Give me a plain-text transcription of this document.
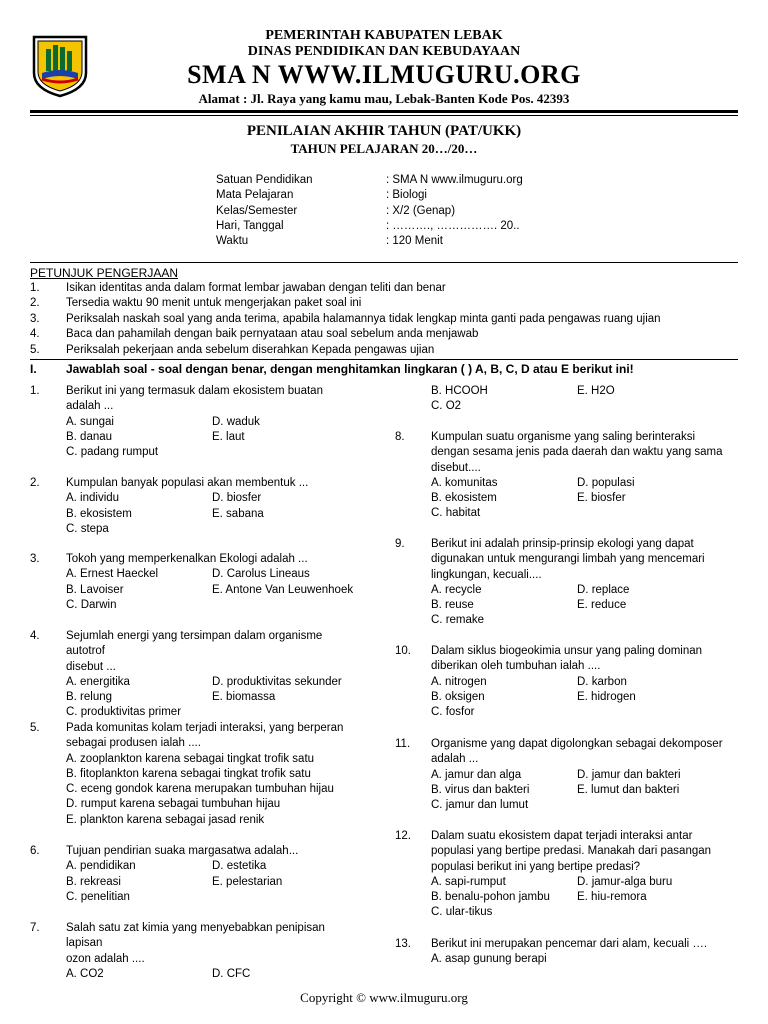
PEMERINTAH KABUPATEN LEBAK
DINAS PENDIDIKAN DAN KEBUDAYAAN
SMA N WWW.ILMUGURU.ORG
Alamat : Jl. Raya yang kamu mau, Lebak-Banten Kode Pos. 42393
PENILAIAN AKHIR TAHUN (PAT/UKK)
TAHUN PELAJARAN 20…/20…
Satuan Pendidikan	: SMA N www.ilmuguru.org
Mata Pelajaran	: Biologi
Kelas/Semester	: X/2 (Genap)
Hari, Tanggal	: ………., ……………. 20..
Waktu	: 120 Menit
PETUNJUK PENGERJAAN
1. Isikan identitas anda dalam format lembar jawaban dengan teliti dan benar
2. Tersedia waktu 90 menit untuk mengerjakan paket soal ini
3. Periksalah naskah soal yang anda terima, apabila halamannya tidak lengkap minta ganti pada pengawas ruang ujian
4. Baca dan pahamilah dengan baik pernyataan atau soal sebelum anda menjawab
5. Periksalah pekerjaan anda sebelum diserahkan Kepada pengawas ujian
I. Jawablah soal - soal dengan benar, dengan menghitamkan lingkaran ( ) A, B, C, D atau E berikut ini!
1. Berikut ini yang termasuk dalam ekosistem buatan
adalah ...
A. sungai	D. waduk
B. danau	E. laut
C. padang rumput
2. Kumpulan banyak populasi akan membentuk ...
A. individu	D. biosfer
B. ekosistem	E. sabana
C. stepa
3. Tokoh yang memperkenalkan Ekologi adalah ...
A. Ernest Haeckel	D. Carolus Lineaus
B. Lavoiser	E. Antone Van Leuwenhoek
C. Darwin
4. Sejumlah energi yang tersimpan dalam organisme autotrof
disebut ...
A. energitika	D. produktivitas sekunder
B. relung	E. biomassa
C. produktivitas primer
5. Pada komunitas kolam terjadi interaksi, yang berperan
sebagai produsen ialah ....
A. zooplankton karena sebagai tingkat trofik satu
B. fitoplankton karena sebagai tingkat trofik satu
C. eceng gondok karena merupakan tumbuhan hijau
D. rumput karena sebagai tumbuhan hijau
E. plankton karena sebagai jasad renik
6. Tujuan pendirian suaka margasatwa adalah...
A. pendidikan	D. estetika
B. rekreasi	E. pelestarian
C. penelitian
7. Salah satu zat kimia yang menyebabkan penipisan lapisan
ozon adalah ....
A. CO2	D. CFC
B. HCOOH	E. H2O
C. O2
8. Kumpulan suatu organisme yang saling berinteraksi
dengan sesama jenis pada daerah dan waktu yang sama
disebut....
A. komunitas	D. populasi
B. ekosistem	E. biosfer
C. habitat
9. Berikut ini adalah prinsip-prinsip ekologi yang dapat
digunakan untuk mengurangi limbah yang mencemari
lingkungan, kecuali....
A. recycle	D. replace
B. reuse	E. reduce
C. remake
10. Dalam siklus biogeokimia unsur yang paling dominan
diberikan oleh tumbuhan ialah ....
A. nitrogen	D. karbon
B. oksigen	E. hidrogen
C. fosfor
11. Organisme yang dapat digolongkan sebagai dekomposer
adalah ...
A. jamur dan alga	D. jamur dan bakteri
B. virus dan bakteri	E. lumut dan bakteri
C. jamur dan lumut
12. Dalam suatu ekosistem dapat terjadi interaksi antar
populasi yang bertipe predasi. Manakah dari pasangan
populasi berikut ini yang bertipe predasi?
A. sapi-rumput	D. jamur-alga buru
B. benalu-pohon jambu E. hiu-remora
C. ular-tikus
13. Berikut ini merupakan pencemar dari alam, kecuali ….
A. asap gunung berapi
Copyright © www.ilmuguru.org
